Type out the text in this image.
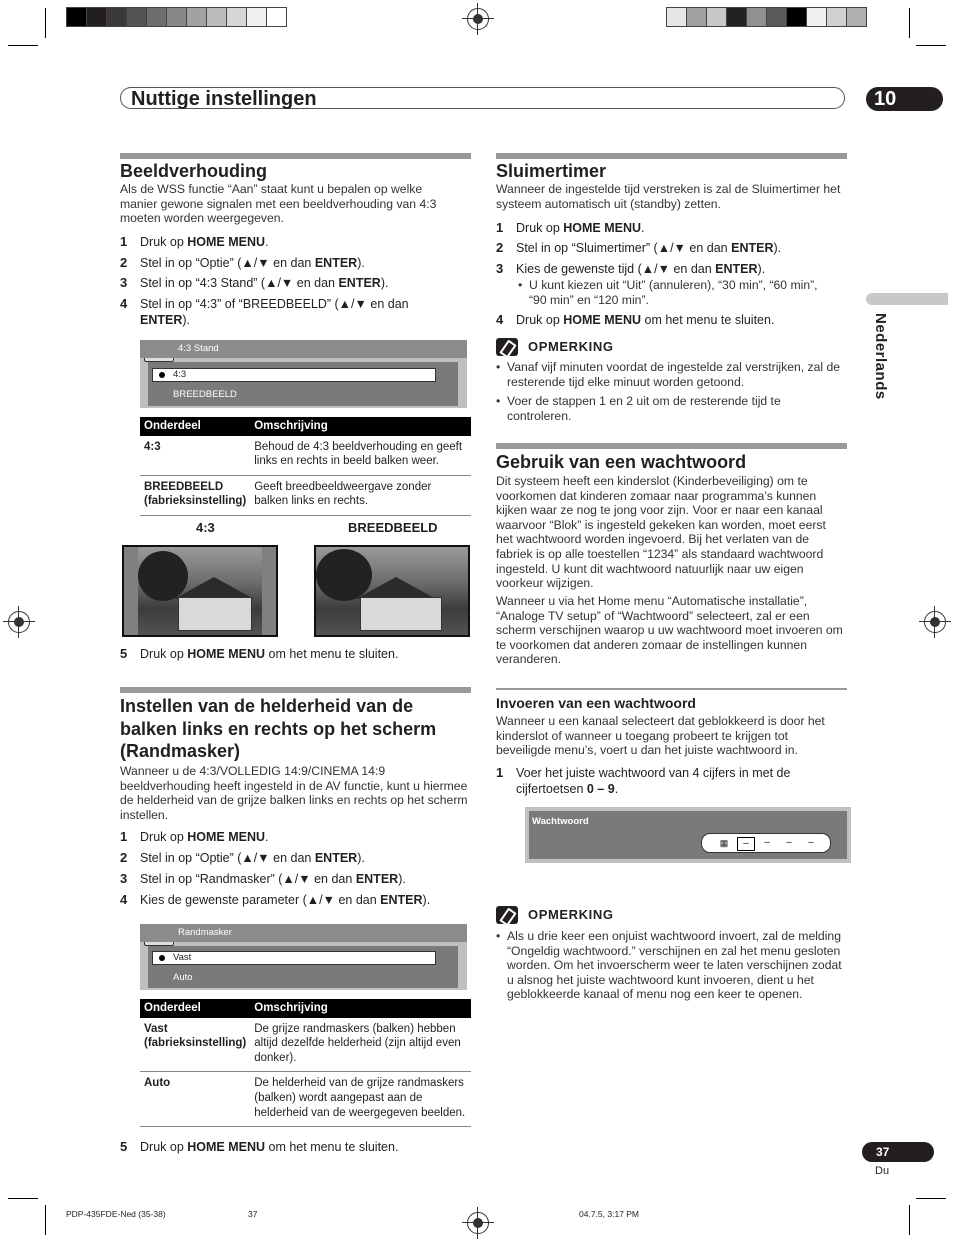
Nuttige instellingen	10
Nederlands
Beeldverhouding
Als de WSS functie “Aan” staat kunt u bepalen op welke manier gewone signalen met een beeldverhouding van 4:3 moeten worden weergegeven.
1 Druk op HOME MENU.
2 Stel in op “Optie” (▲/▼ en dan ENTER).
3 Stel in op “4:3 Stand” (▲/▼ en dan ENTER).
4 Stel in op “4:3” of “BREEDBEELD” (▲/▼ en dan ENTER).
4:3 Stand
4:3
BREEDBEELD
Onderdeel	Omschrijving
4:3	Behoud de 4:3 beeldverhouding en geeft links en rechts in beeld balken weer.
BREEDBEELD (fabrieksinstelling)	Geeft breedbeeldweergave zonder balken links en rechts.
4:3	BREEDBEELD
5 Druk op HOME MENU om het menu te sluiten.
Instellen van de helderheid van de balken links en rechts op het scherm (Randmasker)
Wanneer u de 4:3/VOLLEDIG 14:9/CINEMA 14:9 beeldverhouding heeft ingesteld in de AV functie, kunt u hiermee de helderheid van de grijze balken links en rechts op het scherm instellen.
1 Druk op HOME MENU.
2 Stel in op “Optie” (▲/▼ en dan ENTER).
3 Stel in op “Randmasker” (▲/▼ en dan ENTER).
4 Kies de gewenste parameter (▲/▼ en dan ENTER).
Randmasker
Vast
Auto
Onderdeel	Omschrijving
Vast (fabrieksinstelling)	De grijze randmaskers (balken) hebben altijd dezelfde helderheid (zijn altijd even donker).
Auto	De helderheid van de grijze randmaskers (balken) wordt aangepast aan de helderheid van de weergegeven beelden.
5 Druk op HOME MENU om het menu te sluiten.
Sluimertimer
Wanneer de ingestelde tijd verstreken is zal de Sluimertimer het systeem automatisch uit (standby) zetten.
1 Druk op HOME MENU.
2 Stel in op “Sluimertimer” (▲/▼ en dan ENTER).
3 Kies de gewenste tijd (▲/▼ en dan ENTER).
• U kunt kiezen uit “Uit” (annuleren), “30 min”, “60 min”, “90 min” en “120 min”.
4 Druk op HOME MENU om het menu te sluiten.
OPMERKING
• Vanaf vijf minuten voordat de ingestelde zal verstrijken, zal de resterende tijd elke minuut worden getoond.
• Voer de stappen 1 en 2 uit om de resterende tijd te controleren.
Gebruik van een wachtwoord
Dit systeem heeft een kinderslot (Kinderbeveiliging) om te voorkomen dat kinderen zomaar naar programma’s kunnen kijken waar ze nog te jong voor zijn. Voor er naar een kanaal waarvoor “Blok” is ingesteld gekeken kan worden, moet eerst het wachtwoord worden ingevoerd. Bij het verlaten van de fabriek is op alle toestellen “1234” als standaard wachtwoord ingesteld. U kunt dit wachtwoord natuurlijk naar uw eigen voorkeur wijzigen.
Wanneer u via het Home menu “Automatische installatie”, “Analoge TV setup” of “Wachtwoord” selecteert, zal er een scherm verschijnen waarop u uw wachtwoord moet invoeren om te voorkomen dat anderen zomaar de instellingen kunnen veranderen.
Invoeren van een wachtwoord
Wanneer u een kanaal selecteert dat geblokkeerd is door het kinderslot of wanneer u toegang probeert te krijgen tot beveiligde menu’s, voert u dan het juiste wachtwoord in.
1 Voer het juiste wachtwoord van 4 cijfers in met de cijfertoetsen 0 – 9.
Wachtwoord
▦	–	–	–	–
OPMERKING
• Als u drie keer een onjuist wachtwoord invoert, zal de melding “Ongeldig wachtwoord.” verschijnen en zal het menu gesloten worden. Om het invoerscherm weer te laten verschijnen zodat u alsnog het juiste wachtwoord kunt invoeren, dient u het geblokkeerde kanaal of menu nog een keer te openen.
37
Du
PDP-435FDE-Ned (35-38)	37	04.7.5, 3:17 PM
